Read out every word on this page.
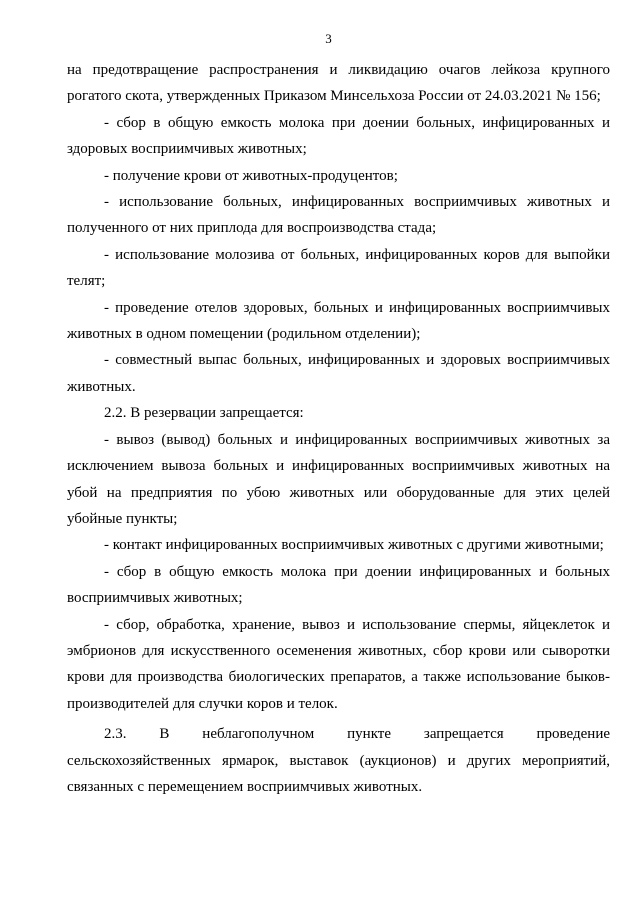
3

на предотвращение распространения и ликвидацию очагов лейкоза крупного рогатого скота, утвержденных Приказом Минсельхоза России от 24.03.2021 № 156;

- сбор в общую емкость молока при доении больных, инфицированных и здоровых восприимчивых животных;

- получение крови от животных-продуцентов;

- использование больных, инфицированных восприимчивых животных и полученного от них приплода для воспроизводства стада;

- использование молозива от больных, инфицированных коров для выпойки телят;

- проведение отелов здоровых, больных и инфицированных восприимчивых животных в одном помещении (родильном отделении);

- совместный выпас больных, инфицированных и здоровых восприимчивых животных.

2.2. В резервации запрещается:

- вывоз (вывод) больных и инфицированных восприимчивых животных за исключением вывоза больных и инфицированных восприимчивых животных на убой на предприятия по убою животных или оборудованные для этих целей убойные пункты;

- контакт инфицированных восприимчивых животных с другими животными;

- сбор в общую емкость молока при доении инфицированных и больных восприимчивых животных;

- сбор, обработка, хранение, вывоз и использование спермы, яйцеклеток и эмбрионов для искусственного осеменения животных, сбор крови или сыворотки крови для производства биологических препаратов, а также использование быков-производителей для случки коров и телок.

2.3. В неблагополучном пункте запрещается проведение

сельскохозяйственных ярмарок, выставок (аукционов) и других мероприятий, связанных с перемещением восприимчивых животных.
